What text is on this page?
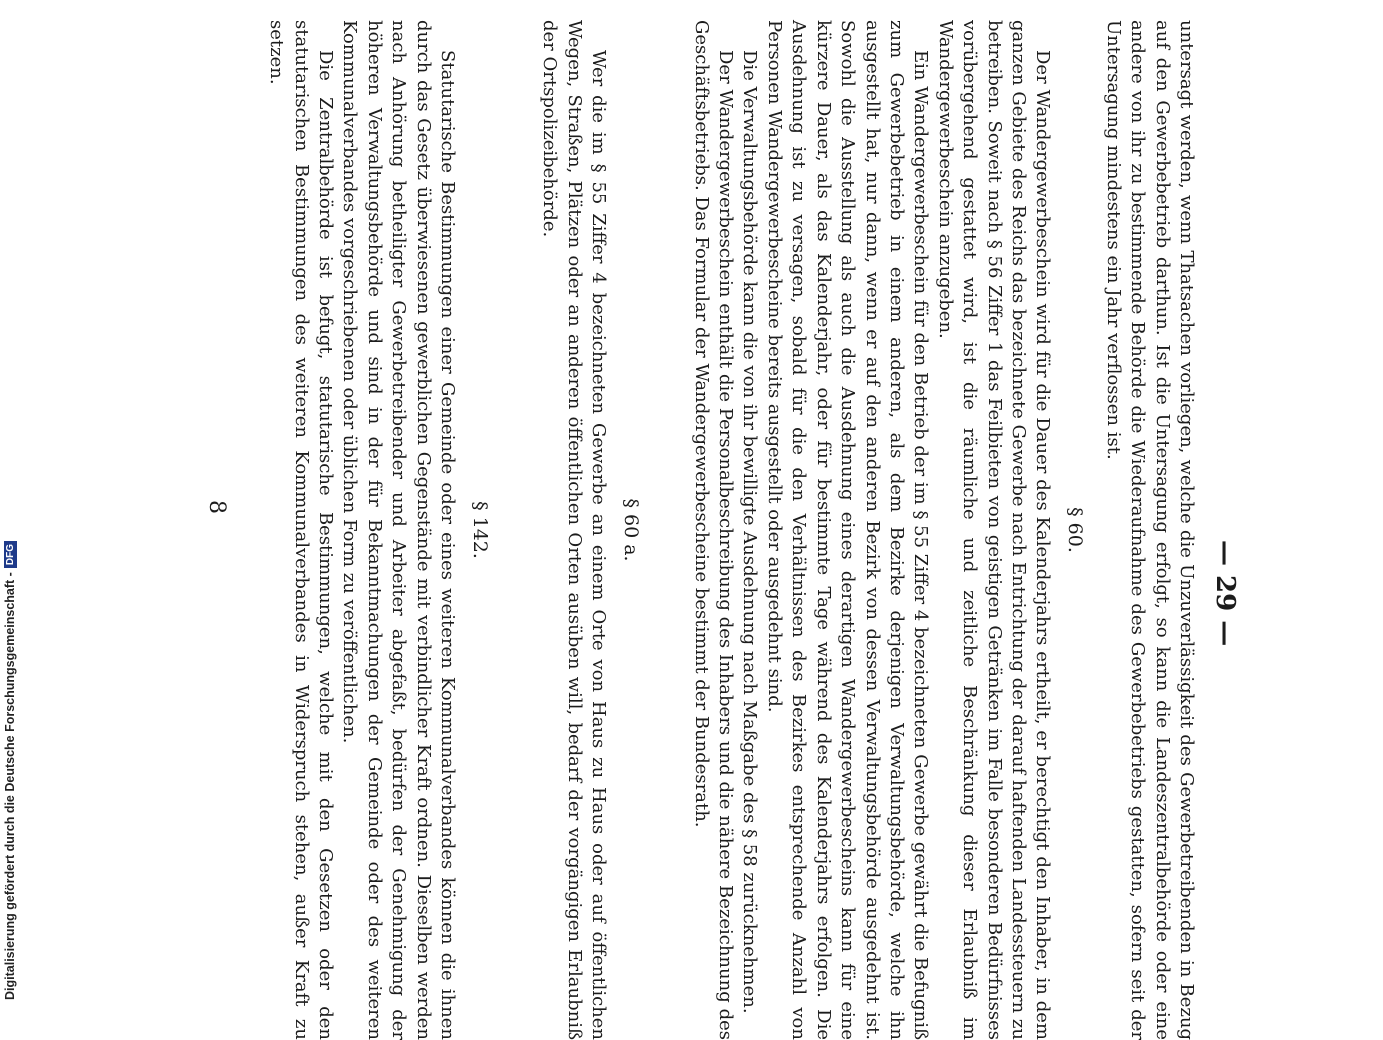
— 29 —

untersagt werden, wenn Thatsachen vorliegen, welche die Unzuverlässigkeit des Gewerbetreibenden in Bezug auf den Gewerbebetrieb darthun. Ist die Untersagung erfolgt, so kann die Landeszentralbehörde oder eine andere von ihr zu bestimmende Behörde die Wiederaufnahme des Gewerbebetriebs gestatten, sofern seit der Untersagung mindestens ein Jahr verflossen ist.

§ 60.

Der Wandergewerbeschein wird für die Dauer des Kalenderjahrs ertheilt, er berechtigt den Inhaber, in dem ganzen Gebiete des Reichs das bezeichnete Gewerbe nach Entrichtung der darauf haftenden Landessteuern zu betreiben. Soweit nach § 56 Ziffer 1 das Feilbieten von geistigen Getränken im Falle besonderen Bedürfnisses vorübergehend gestattet wird, ist die räumliche und zeitliche Beschränkung dieser Erlaubniß im Wandergewerbeschein anzugeben.

Ein Wandergewerbeschein für den Betrieb der im § 55 Ziffer 4 bezeichneten Gewerbe gewährt die Befugniß zum Gewerbebetrieb in einem anderen, als dem Bezirke derjenigen Verwaltungsbehörde, welche ihn ausgestellt hat, nur dann, wenn er auf den anderen Bezirk von dessen Verwaltungsbehörde ausgedehnt ist. Sowohl die Ausstellung als auch die Ausdehnung eines derartigen Wandergewerbescheins kann für eine kürzere Dauer, als das Kalenderjahr, oder für bestimmte Tage während des Kalenderjahrs erfolgen. Die Ausdehnung ist zu versagen, sobald für die den Verhältnissen des Bezirkes entsprechende Anzahl von Personen Wandergewerbescheine bereits ausgestellt oder ausgedehnt sind.

Die Verwaltungsbehörde kann die von ihr bewilligte Ausdehnung nach Maßgabe des § 58 zurücknehmen.

Der Wandergewerbeschein enthält die Personalbeschreibung des Inhabers und die nähere Bezeichnung des Geschäftsbetriebs. Das Formular der Wandergewerbescheine bestimmt der Bundesrath.

§ 60 a.

Wer die im § 55 Ziffer 4 bezeichneten Gewerbe an einem Orte von Haus zu Haus oder auf öffentlichen Wegen, Straßen, Plätzen oder an anderen öffentlichen Orten ausüben will, bedarf der vorgängigen Erlaubniß der Ortspolizeibehörde.

§ 142.

Statutarische Bestimmungen einer Gemeinde oder eines weiteren Kommunalverbandes können die ihnen durch das Gesetz überwiesenen gewerblichen Gegenstände mit verbindlicher Kraft ordnen. Dieselben werden nach Anhörung betheiligter Gewerbetreibender und Arbeiter abgefaßt, bedürfen der Genehmigung der höheren Verwaltungsbehörde und sind in der für Bekanntmachungen der Gemeinde oder des weiteren Kommunalverbandes vorgeschriebenen oder üblichen Form zu veröffentlichen.

Die Zentralbehörde ist befugt, statutarische Bestimmungen, welche mit den Gesetzen oder den statutarischen Bestimmungen des weiteren Kommunalverbandes in Widerspruch stehen, außer Kraft zu setzen.

8
Digitalisierung gefördert durch die Deutsche Forschungsgemeinschaft -
DFG
